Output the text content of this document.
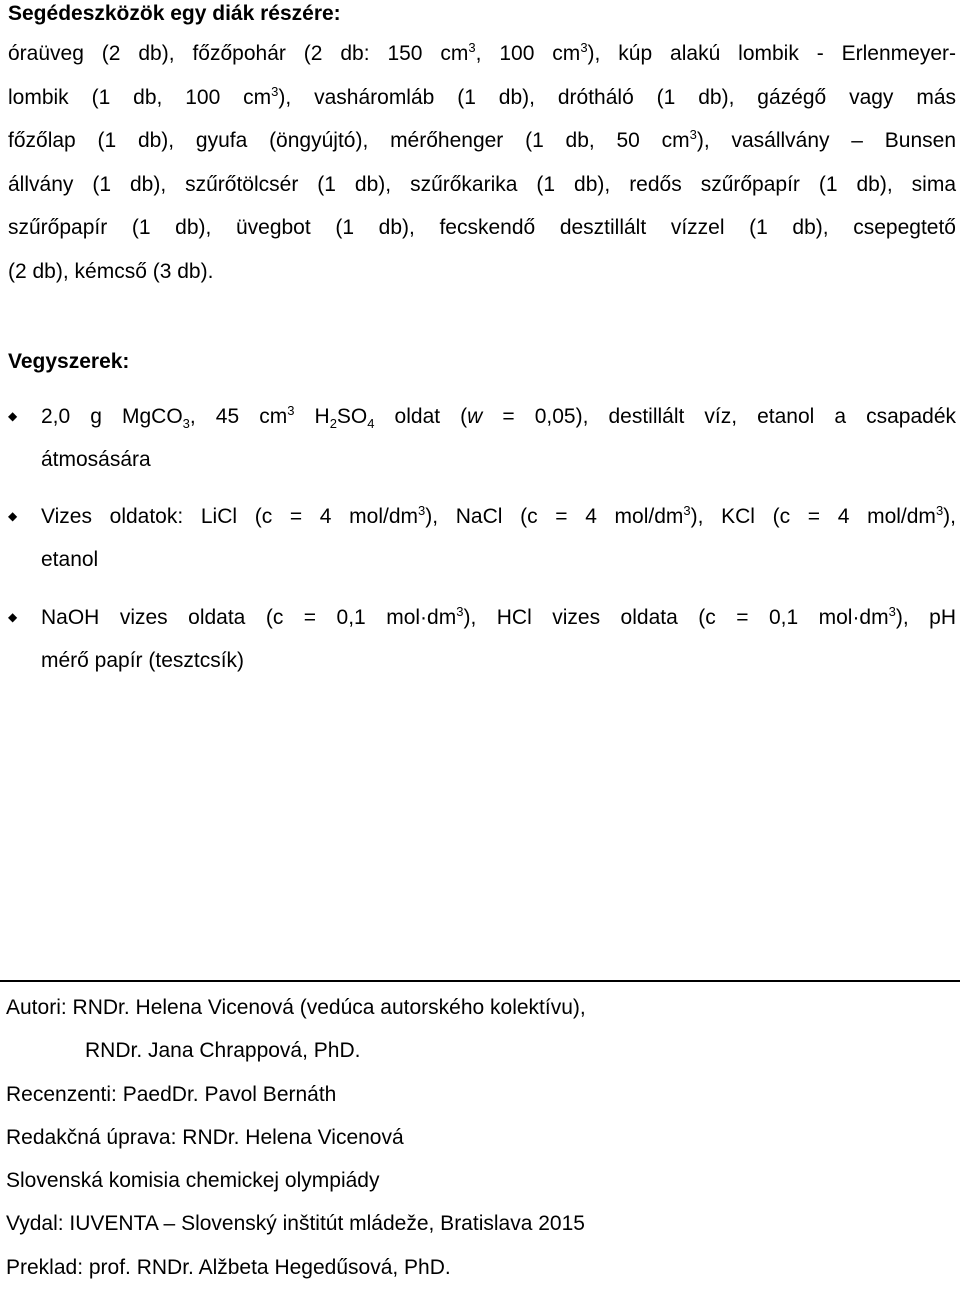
Segédeszközök egy diák részére:
óraüveg (2 db), főzőpohár (2 db: 150 $cm^3$, 100 $cm^3$), kúp alakú lombik - Erlenmeyer-
lombik (1 db, 100 $cm^3$), vasháromláb (1 db), drótháló (1 db), gázégő vagy más
főzőlap (1 db), gyufa (öngyújtó), mérőhenger (1 db, 50 $cm^3$), vasállvány – Bunsen
állvány (1 db), szűrőtölcsér (1 db), szűrőkarika (1 db), redős szűrőpapír (1 db), sima
szűrőpapír (1 db), üvegbot (1 db), fecskendő desztillált vízzel (1 db), csepegtető
(2 db), kémcső (3 db).
Vegyszerek:
◆ 2,0 g MgCO$_3$, 45 $cm^3$ $H_2SO_4$ oldat (w = 0,05), destillált víz, etanol a csapadék
átmosására
◆ Vizes oldatok: LiCl (c = 4 mol/$dm^3$), NaCl (c = 4 mol/$dm^3$), KCl (c = 4 mol/$dm^3$),
etanol
◆ NaOH vizes oldata (c = 0,1 $mol\cdot dm^3$), HCl vizes oldata (c = 0,1 $mol\cdot dm^3$), pH
mérő papír (tesztcsík)
Autori: RNDr. Helena Vicenová (vedúca autorského kolektívu),
RNDr. Jana Chrappová, PhD.
Recenzenti: PaedDr. Pavol Bernáth
Redakčná úprava: RNDr. Helena Vicenová
Slovenská komisia chemickej olympiády
Vydal: IUVENTA – Slovenský inštitút mládeže, Bratislava 2015
Preklad: prof. RNDr. Alžbeta Hegedűsová, PhD.
